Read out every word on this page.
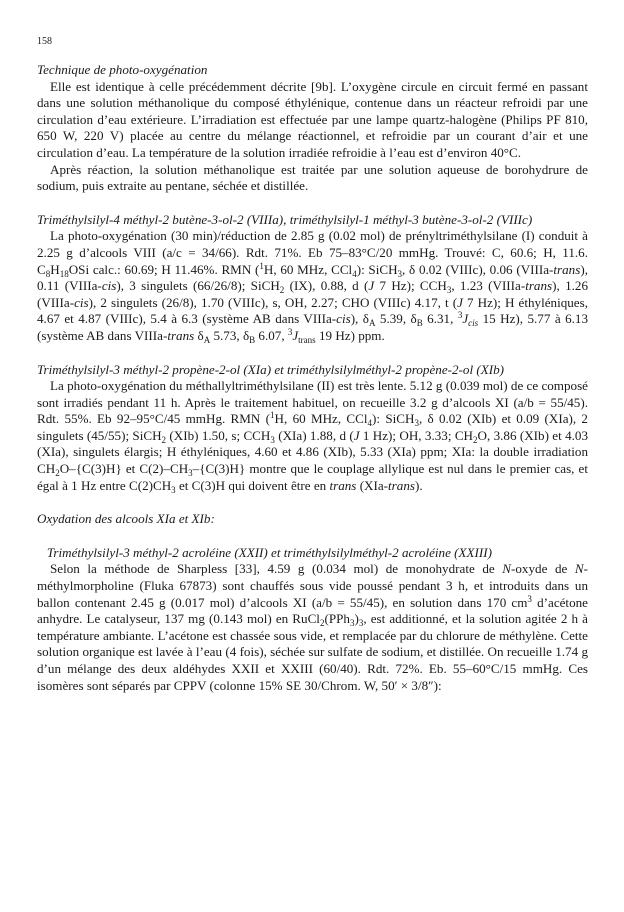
158

Technique de photo-oxygénation

Elle est identique à celle précédemment décrite [9b]. L’oxygène circule en circuit fermé en passant dans une solution méthanolique du composé éthylénique, contenue dans un réacteur refroidi par une circulation d’eau extérieure. L’irradiation est effectuée par une lampe quartz-halogène (Philips PF 810, 650 W, 220 V) placée au centre du mélange réactionnel, et refroidie par un courant d’air et une circulation d’eau. La température de la solution irradiée refroidie à l’eau est d’environ 40°C.

Après réaction, la solution méthanolique est traitée par une solution aqueuse de borohydrure de sodium, puis extraite au pentane, séchée et distillée.

Triméthylsilyl-4 méthyl-2 butène-3-ol-2 (VIIIa), triméthylsilyl-1 méthyl-3 butène-3-ol-2 (VIIIc)

La photo-oxygénation (30 min)/réduction de 2.85 g (0.02 mol) de prényltriméthylsilane (I) conduit à 2.25 g d’alcools VIII (a/c = 34/66). Rdt. 71%. Eb 75–83°C/20 mmHg. Trouvé: C, 60.6; H, 11.6. $C_8H_{18}OSi$ calc.: 60.69; H 11.46%. RMN ($^1$H, 60 MHz, CCl$_4$): SiCH$_3$, δ 0.02 (VIIIc), 0.06 (VIIIa-trans), 0.11 (VIIIa-cis), 3 singulets (66/26/8); SiCH$_2$ (IX), 0.88, d (J 7 Hz); $CCH_3$, 1.23 (VIIIa-trans), 1.26 (VIIIa-cis), 2 singulets (26/8), 1.70 (VIIIc), s, OH, 2.27; CHO (VIIIc) 4.17, t (J 7 Hz); H éthyléniques, 4.67 et 4.87 (VIIIc), 5.4 à 6.3 (système AB dans VIIIa-cis), $\delta_A$ 5.39, $\delta_B$ 6.31, $^3J_{cis}$ 15 Hz), 5.77 à 6.13 (système AB dans VIIIa-trans $\delta_A$ 5.73, $\delta_B$ 6.07, $^3J_{trans}$ 19 Hz) ppm.

Triméthylsilyl-3 méthyl-2 propène-2-ol (XIa) et triméthylsilylméthyl-2 propène-2-ol (XIb)

La photo-oxygénation du méthallyltriméthylsilane (II) est très lente. 5.12 g (0.039 mol) de ce composé sont irradiés pendant 11 h. Après le traitement habituel, on recueille 3.2 g d’alcools XI (a/b = 55/45). Rdt. 55%. Eb 92–95°C/45 mmHg. RMN ($^1$H, 60 MHz, CCl$_4$): SiCH$_3$, δ 0.02 (XIb) et 0.09 (XIa), 2 singulets (45/55); SiCH$_2$ (XIb) 1.50, s; $CCH_3$ (XIa) 1.88, d (J 1 Hz); OH, 3.33; $CH_2O$, 3.86 (XIb) et 4.03 (XIa), singulets élargis; H éthyléniques, 4.60 et 4.86 (XIb), 5.33 (XIa) ppm; XIa: la double irradiation $CH_2O-\{C(3)H\}$ et $C(2)-CH_3-\{C(3)H\}$ montre que le couplage allylique est nul dans le premier cas, et égal à 1 Hz entre $C(2)CH_3$ et C(3)H qui doivent être en trans (XIa-trans).

Oxydation des alcools XIa et XIb:

Triméthylsilyl-3 méthyl-2 acroléine (XXII) et triméthylsilylméthyl-2 acroléine (XXIII)

Selon la méthode de Sharpless [33], 4.59 g (0.034 mol) de monohydrate de N-oxyde de N-méthylmorpholine (Fluka 67873) sont chauffés sous vide poussé pendant 3 h, et introduits dans un ballon contenant 2.45 g (0.017 mol) d’alcools XI (a/b = 55/45), en solution dans 170 $cm^3$ d’acétone anhydre. Le catalyseur, 137 mg (0.143 mol) en $RuCl_2(PPh_3)_3$, est additionné, et la solution agitée 2 h à température ambiante. L’acétone est chassée sous vide, et remplacée par du chlorure de méthylène. Cette solution organique est lavée à l’eau (4 fois), séchée sur sulfate de sodium, et distillée. On recueille 1.74 g d’un mélange des deux aldéhydes XXII et XXIII (60/40). Rdt. 72%. Eb. 55–60°C/15 mmHg. Ces isomères sont séparés par CPPV (colonne 15% SE 30/Chrom. W, 50′ × 3/8″):
